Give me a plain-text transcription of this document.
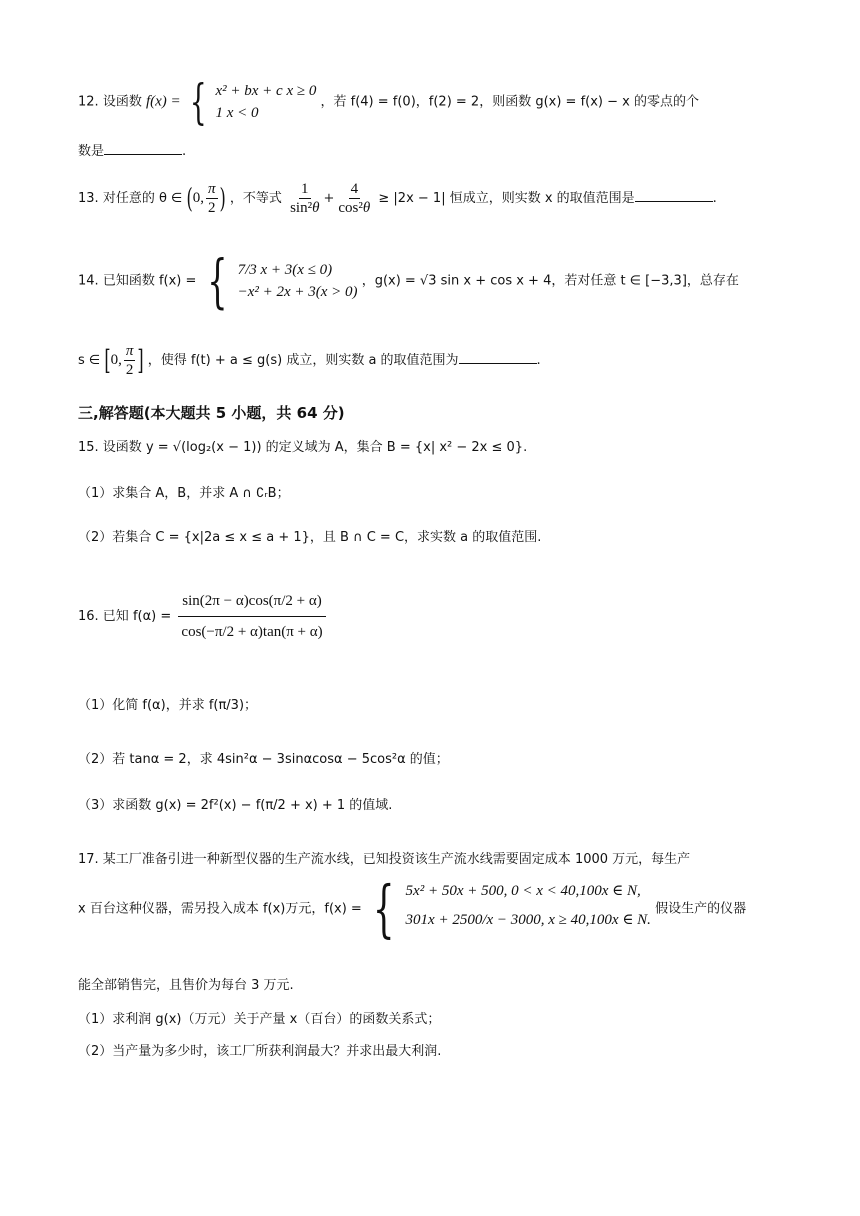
12. 设函数 f(x) = { x² + bx + c x ≥ 0
1 x < 0
，若 f(4) = f(0)，f(2) = 2，则函数 g(x) = f(x) − x 的零点的个
数是	.
13. 对任意的 θ ∈ (0, $\frac{\pi}{2}$ ) ，不等式 $\frac{1}{\text{sin²θ}} + \frac{4}{\text{cos²θ}} \ge |2x - 1|$ 恒成立，则实数 x 的取值范围是	.
14. 已知函数 f(x) = { 7/3 x + 3(x ≤ 0)
−x² + 2x + 3(x > 0)
，g(x) = √3 sin x + cos x + 4，若对任意 t ∈ [−3,3]，总存在
s ∈ [0, $\frac{\pi}{2}$ ] ，使得 f(t) + a ≤ g(s) 成立，则实数 a 的取值范围为	.
三,解答题(本大题共 5 小题，共 64 分)
15. 设函数 y = √(log₂(x − 1)) 的定义域为 A，集合 B = {x| x² − 2x ≤ 0}.
（1）求集合 A，B，并求 A ∩ ∁ᵣB；
（2）若集合 C = {x|2a ≤ x ≤ a + 1}，且 B ∩ C = C，求实数 a 的取值范围.
16. 已知 $f(\alpha) = \frac{\sin(2\pi - \alpha)\cos(\pi/2 + \alpha)}{\cos(-\pi/2 + \alpha)\tan(\pi + \alpha)}$
（1）化简 f(α)，并求 f(π/3)；
（2）若 tanα = 2，求 4sin²α − 3sinαcosα − 5cos²α 的值；
（3）求函数 g(x) = 2f²(x) − f(π/2 + x) + 1 的值域.
17. 某工厂准备引进一种新型仪器的生产流水线，已知投资该生产流水线需要固定成本 1000 万元，每生产
x 百台这种仪器，需另投入成本 f(x)万元，f(x) = { 5x² + 50x + 500, 0 < x < 40,100x ∈ N,
301x + 2500/x − 3000, x ≥ 40,100x ∈ N.
假设生产的仪器
能全部销售完，且售价为每台 3 万元.
（1）求利润 g(x)（万元）关于产量 x（百台）的函数关系式；
（2）当产量为多少时，该工厂所获利润最大？并求出最大利润.
